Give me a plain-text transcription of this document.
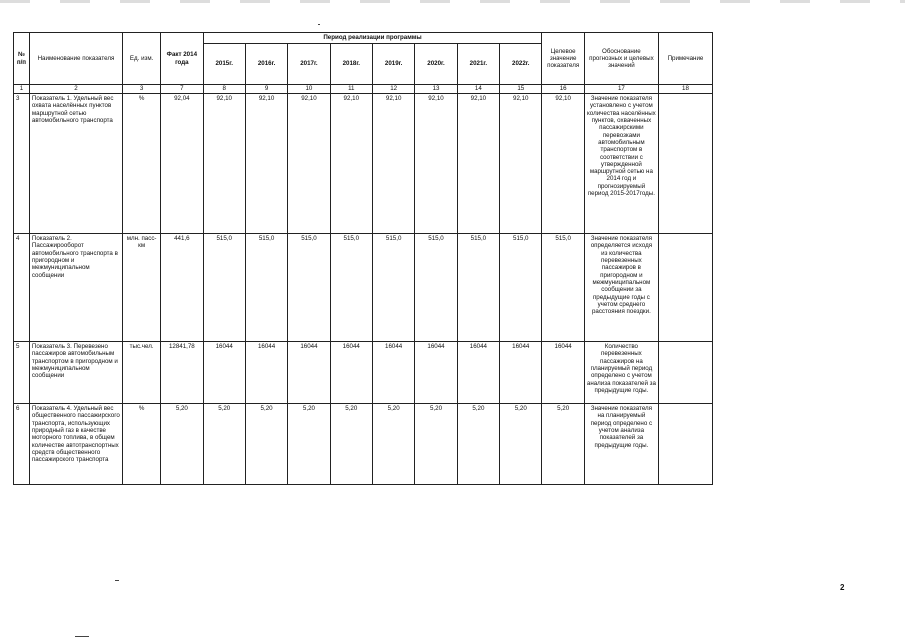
№ п/п	Наименование показателя	Ед. изм.	Факт 2014 года	Период реализации программы								Целевое значение показателя	Обоснование прогнозных и целевых значений	Примечание
				2015г.	2016г.	2017г.	2018г.	2019г.	2020г.	2021г.	2022г.			
1	2	3	7	8	9	10	11	12	13	14	15	16	17	18
3	Показатель 1. Удельный вес охвата населённых пунктов маршрутной сетью автомобильного транспорта	%	92,04	92,10	92,10	92,10	92,10	92,10	92,10	92,10	92,10	92,10	Значение показателя установлено с учетом количества населённых пунктов, охваченных пассажирскими перевозками автомобильным транспортом в соответствии с утвержденной маршрутной сетью на 2014 год и прогнозируемый период 2015-2017годы.	
4	Показатель 2. Пассажирооборот автомобильного транспорта в пригородном и межмуниципальном сообщении	млн. пасс-км	441,6	515,0	515,0	515,0	515,0	515,0	515,0	515,0	515,0	515,0	Значение показателя определяется исходя из количества перевезенных пассажиров в пригородном и межмуниципальном сообщении за предыдущие годы с учетом среднего расстояния поездки.	
5	Показатель 3. Перевезено пассажиров автомобильным транспортом в пригородном и межмуниципальном сообщении	тыс.чел.	12841,78	16044	16044	16044	16044	16044	16044	16044	16044	16044	Количество перевезенных пассажиров на планируемый период определено с учетом анализа показателей за предыдущие годы.	
6	Показатель 4. Удельный вес общественного пассажирского транспорта, использующих природный газ в качестве моторного топлива, в общем количестве автотранспортных средств общественного пассажирского транспорта	%	5,20	5,20	5,20	5,20	5,20	5,20	5,20	5,20	5,20	5,20	Значение показателя на планируемый период определено с учетом анализа показателей за предыдущие годы.	
2
